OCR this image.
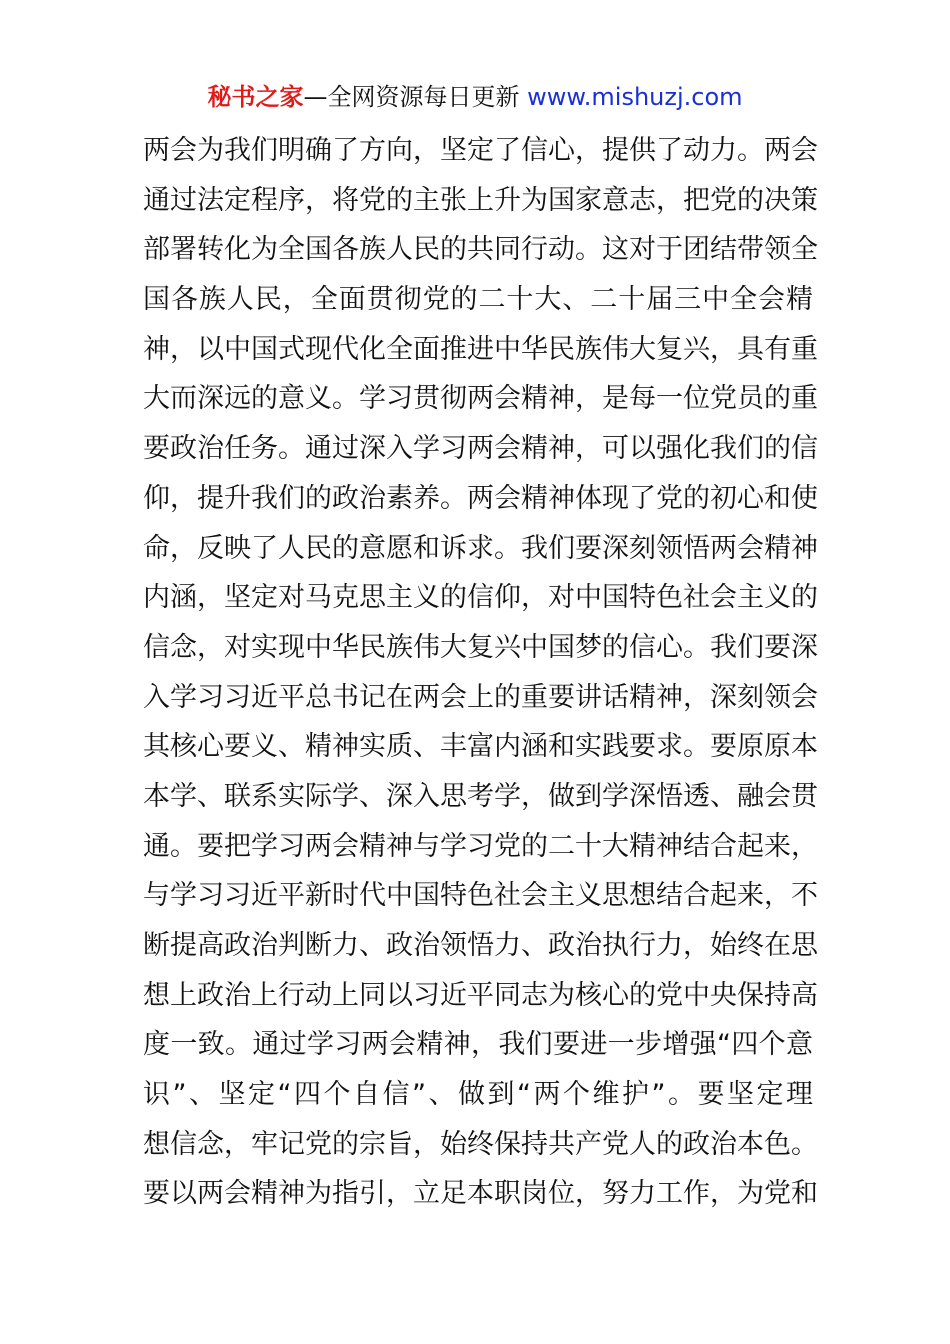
秘书之家—全网资源每日更新 www.mishuzj.com
两会为我们明确了方向，坚定了信心，提供了动力。两会
通过法定程序，将党的主张上升为国家意志，把党的决策
部署转化为全国各族人民的共同行动。这对于团结带领全
国各族人民，全面贯彻党的二十大、二十届三中全会精
神，以中国式现代化全面推进中华民族伟大复兴，具有重
大而深远的意义。学习贯彻两会精神，是每一位党员的重
要政治任务。通过深入学习两会精神，可以强化我们的信
仰，提升我们的政治素养。两会精神体现了党的初心和使
命，反映了人民的意愿和诉求。我们要深刻领悟两会精神
内涵，坚定对马克思主义的信仰，对中国特色社会主义的
信念，对实现中华民族伟大复兴中国梦的信心。我们要深
入学习习近平总书记在两会上的重要讲话精神，深刻领会
其核心要义、精神实质、丰富内涵和实践要求。要原原本
本学、联系实际学、深入思考学，做到学深悟透、融会贯
通。要把学习两会精神与学习党的二十大精神结合起来，
与学习习近平新时代中国特色社会主义思想结合起来，不
断提高政治判断力、政治领悟力、政治执行力，始终在思
想上政治上行动上同以习近平同志为核心的党中央保持高
度一致。通过学习两会精神，我们要进一步增强“四个意
识”、坚定“四个自信”、做到“两个维护”。要坚定理
想信念，牢记党的宗旨，始终保持共产党人的政治本色。
要以两会精神为指引，立足本职岗位，努力工作，为党和
